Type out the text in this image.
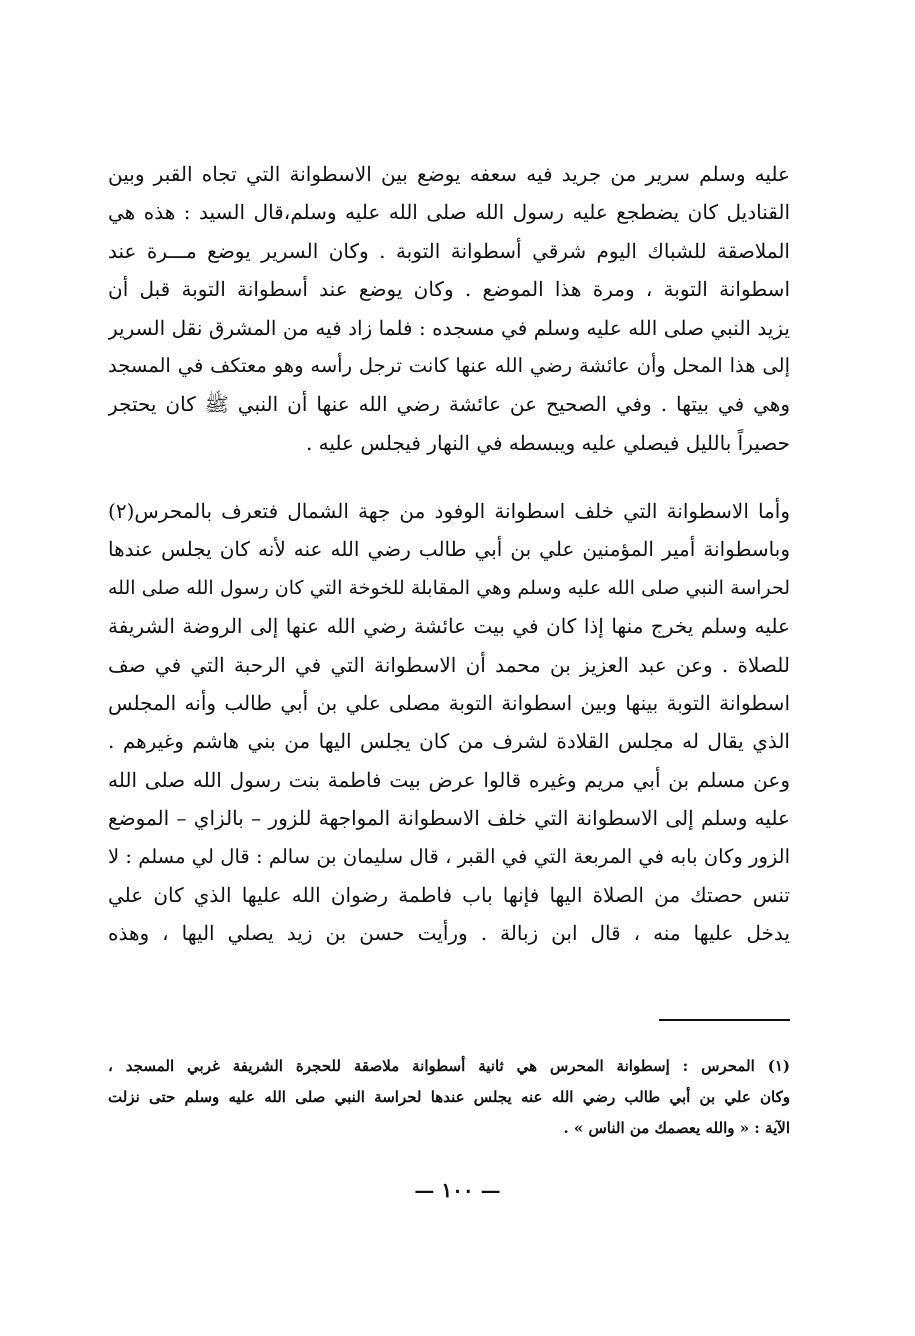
عليه وسلم سرير من جريد فيه سعفه يوضع بين الاسطوانة التي تجاه القبر وبين
القناديل كان يضطجع عليه رسول الله صلى الله عليه وسلم،قال السيد : هذه هي
الملاصقة للشباك اليوم شرقي أسطوانة التوبة . وكان السرير يوضع مـــرة عند
اسطوانة التوبة ، ومرة هذا الموضع . وكان يوضع عند أسطوانة التوبة قبل أن
يزيد النبي صلى الله عليه وسلم في مسجده : فلما زاد فيه من المشرق نقل السرير
إلى هذا المحل وأن عائشة رضي الله عنها كانت ترجل رأسه وهو معتكف في المسجد
وهي في بيتها . وفي الصحيح عن عائشة رضي الله عنها أن النبي ﷺ كان يحتجر
حصيراً بالليل فيصلي عليه ويبسطه في النهار فيجلس عليه .
وأما الاسطوانة التي خلف اسطوانة الوفود من جهة الشمال فتعرف بالمحرس(٢)
وباسطوانة أمير المؤمنين علي بن أبي طالب رضي الله عنه لأنه كان يجلس عندها
لحراسة النبي صلى الله عليه وسلم وهي المقابلة للخوخة التي كان رسول الله صلى الله
عليه وسلم يخرج منها إذا كان في بيت عائشة رضي الله عنها إلى الروضة الشريفة
للصلاة . وعن عبد العزيز بن محمد أن الاسطوانة التي في الرحبة التي في صف
اسطوانة التوبة بينها وبين اسطوانة التوبة مصلى علي بن أبي طالب وأنه المجلس
الذي يقال له مجلس القلادة لشرف من كان يجلس اليها من بني هاشم وغيرهم .
وعن مسلم بن أبي مريم وغيره قالوا عرض بيت فاطمة بنت رسول الله صلى الله
عليه وسلم إلى الاسطوانة التي خلف الاسطوانة المواجهة للزور – بالزاي – الموضع
الزور وكان بابه في المربعة التي في القبر ، قال سليمان بن سالم : قال لي مسلم : لا
تنس حصتك من الصلاة اليها فإنها باب فاطمة رضوان الله عليها الذي كان علي
يدخل عليها منه ، قال ابن زبالة . ورأيت حسن بن زيد يصلي اليها ، وهذه
(١) المحرس : إسطوانة المحرس هي ثانية أسطوانة ملاصقة للحجرة الشريفة غربي المسجد ،
وكان علي بن أبي طالب رضي الله عنه يجلس عندها لحراسة النبي صلى الله عليه وسلم حتى نزلت
الآية : « والله يعصمك من الناس » .
— ١٠٠ —
